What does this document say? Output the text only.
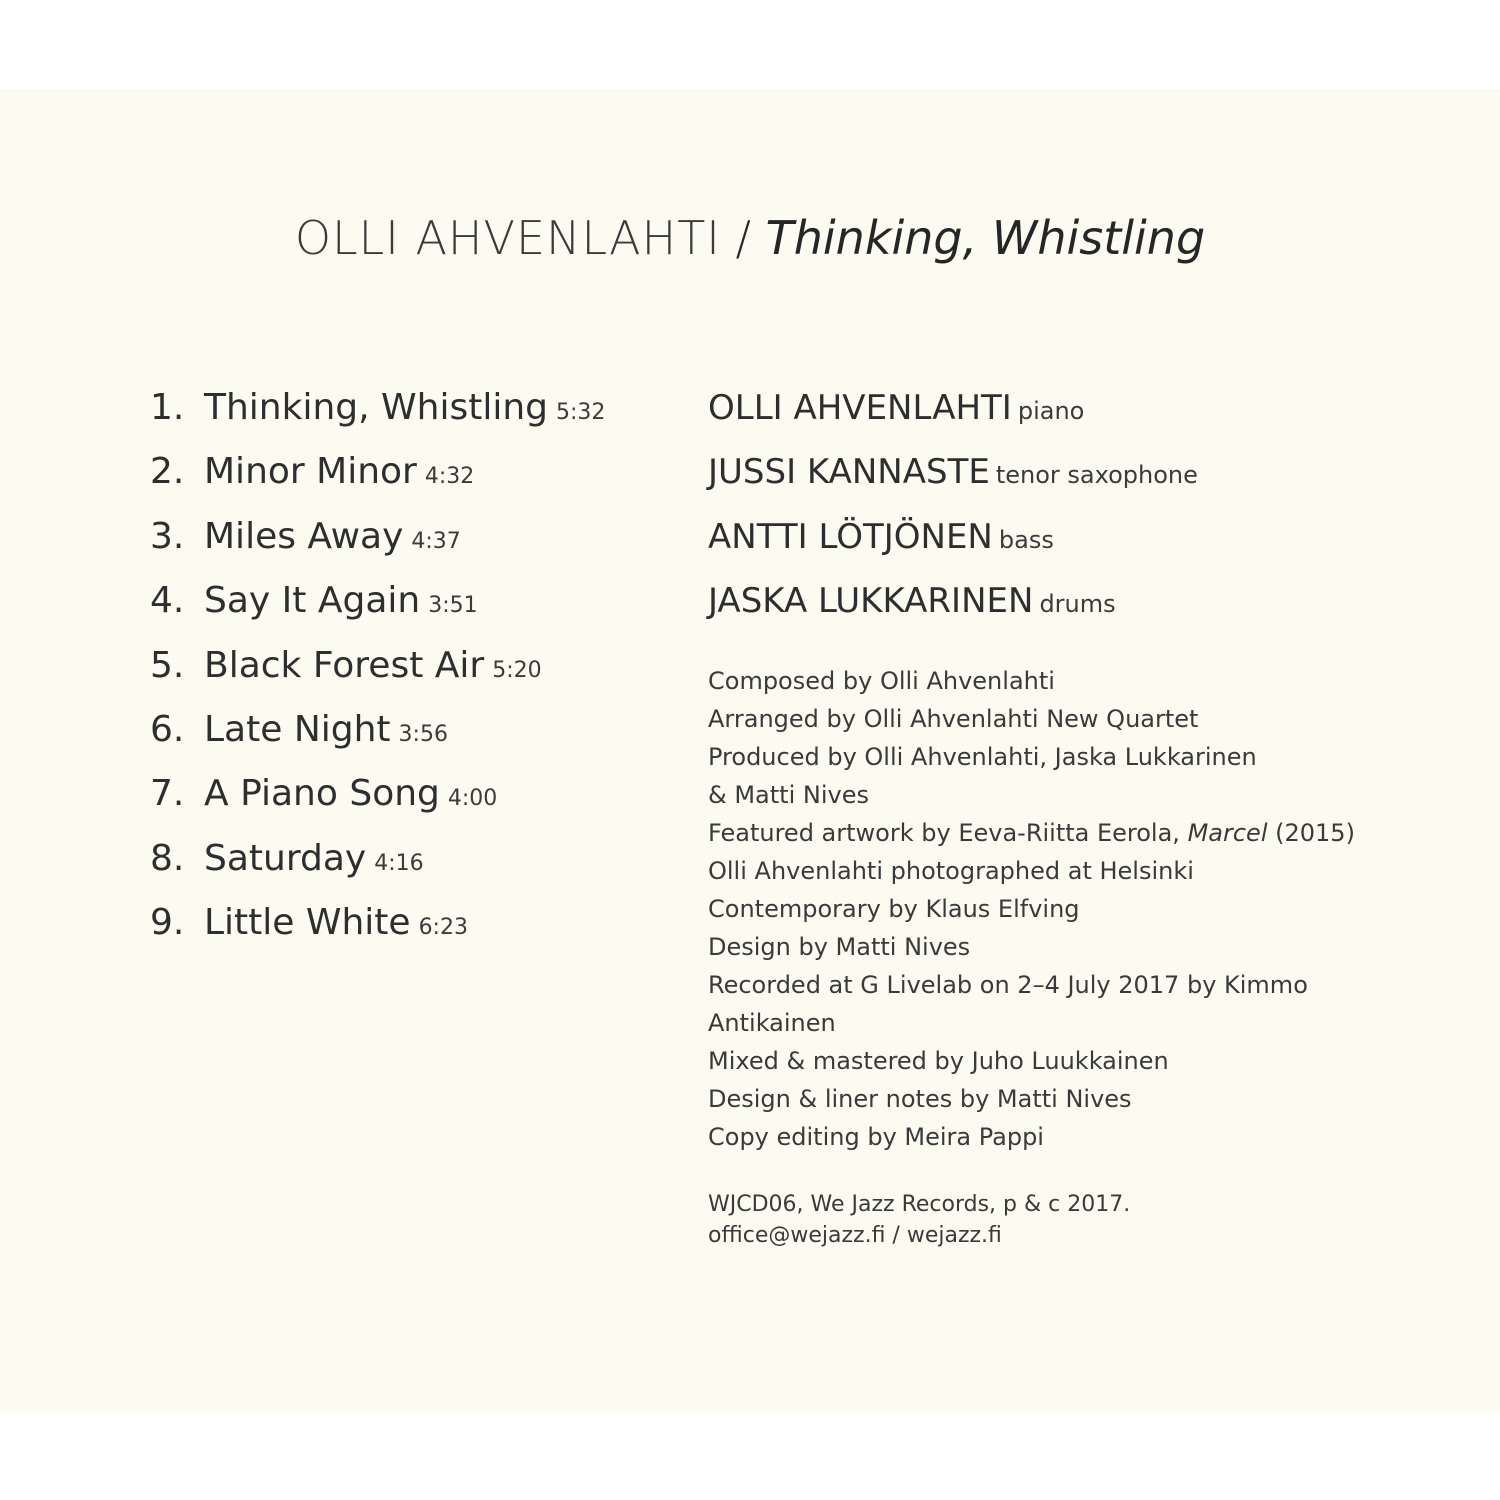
OLLI AHVENLAHTI / Thinking, Whistling
1. Thinking, Whistling 5:32
2. Minor Minor 4:32
3. Miles Away 4:37
4. Say It Again 3:51
5. Black Forest Air 5:20
6. Late Night 3:56
7. A Piano Song 4:00
8. Saturday 4:16
9. Little White 6:23
OLLI AHVENLAHTI piano
JUSSI KANNASTE tenor saxophone
ANTTI LÖTJÖNEN bass
JASKA LUKKARINEN drums
Composed by Olli Ahvenlahti
Arranged by Olli Ahvenlahti New Quartet
Produced by Olli Ahvenlahti, Jaska Lukkarinen
& Matti Nives
Featured artwork by Eeva-Riitta Eerola, Marcel (2015)
Olli Ahvenlahti photographed at Helsinki
Contemporary by Klaus Elfving
Design by Matti Nives
Recorded at G Livelab on 2–4 July 2017 by Kimmo
Antikainen
Mixed & mastered by Juho Luukkainen
Design & liner notes by Matti Nives
Copy editing by Meira Pappi
WJCD06, We Jazz Records, p & c 2017.
office@wejazz.fi / wejazz.fi
